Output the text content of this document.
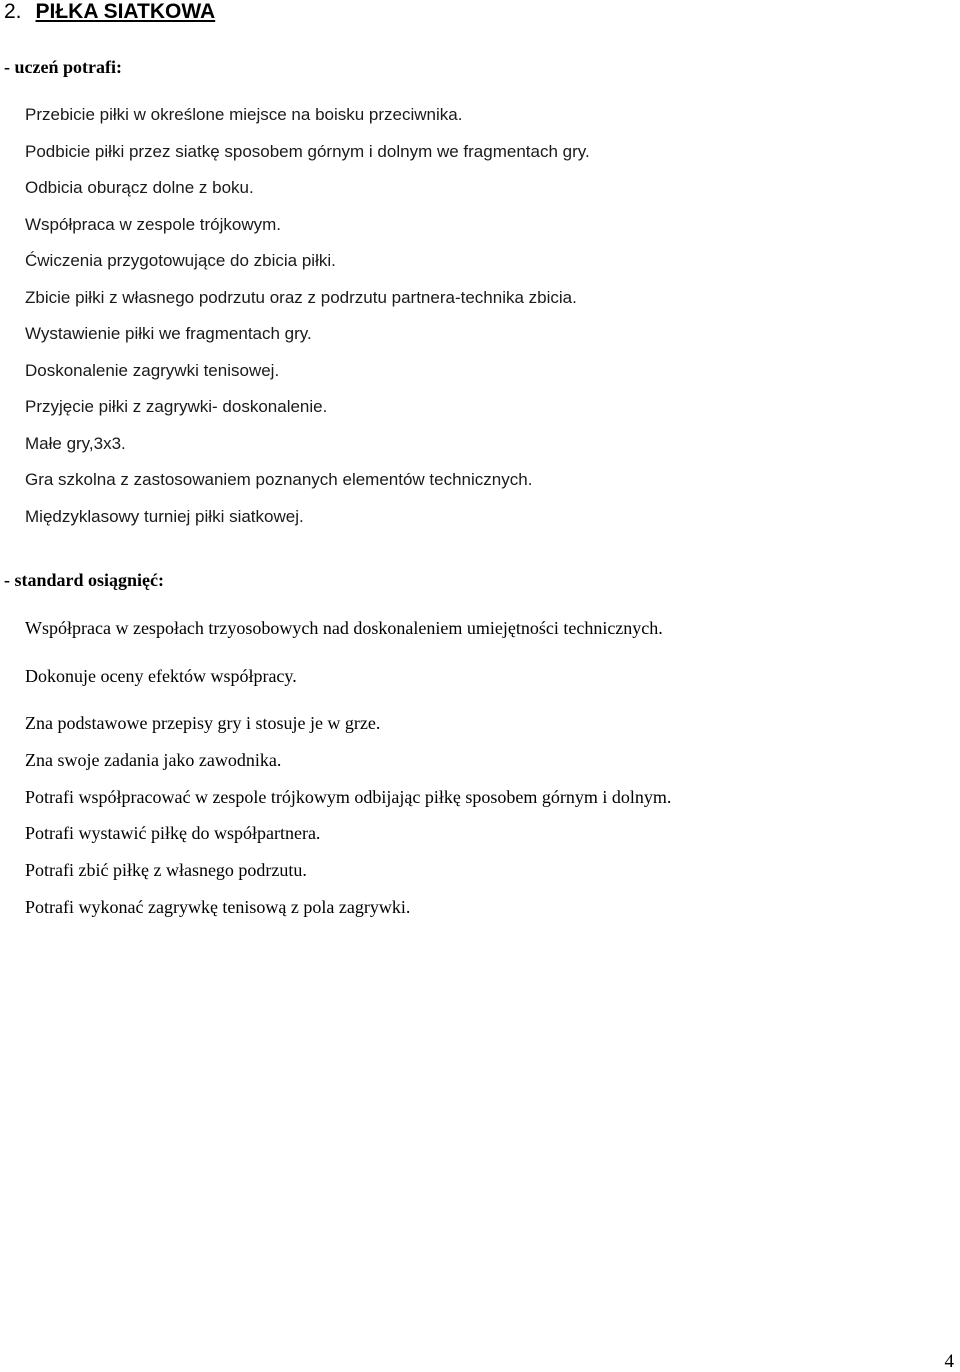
2. PIŁKA SIATKOWA

- uczeń potrafi:

Przebicie piłki w określone miejsce na boisku przeciwnika.
Podbicie piłki przez siatkę sposobem górnym i dolnym we fragmentach gry.
Odbicia oburącz dolne z boku.
Współpraca w zespole trójkowym.
Ćwiczenia przygotowujące do zbicia piłki.
Zbicie piłki z własnego podrzutu oraz z podrzutu partnera-technika zbicia.
Wystawienie piłki we fragmentach gry.
Doskonalenie zagrywki tenisowej.
Przyjęcie piłki z zagrywki- doskonalenie.
Małe gry,3x3.
Gra szkolna z zastosowaniem poznanych elementów technicznych.
Międzyklasowy turniej piłki siatkowej.

- standard osiągnięć:

Współpraca w zespołach trzyosobowych nad doskonaleniem umiejętności technicznych.
Dokonuje oceny efektów współpracy.
Zna podstawowe przepisy gry i stosuje je w grze.
Zna swoje zadania jako zawodnika.
Potrafi współpracować w zespole trójkowym odbijając piłkę sposobem górnym i dolnym.
Potrafi wystawić piłkę do współpartnera.
Potrafi zbić piłkę z własnego podrzutu.
Potrafi wykonać zagrywkę tenisową z pola zagrywki.
4
